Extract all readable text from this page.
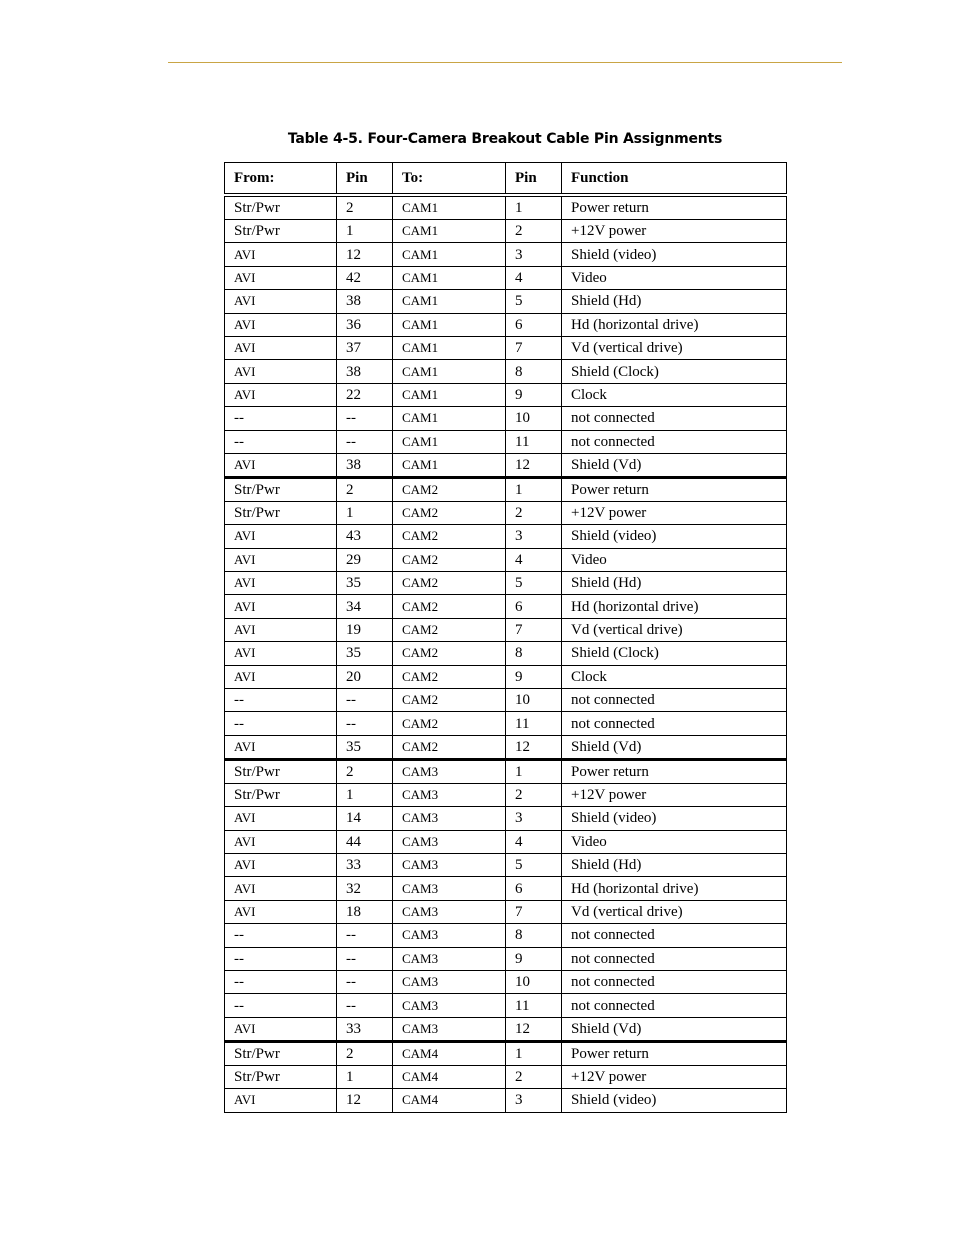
Table 4-5. Four-Camera Breakout Cable Pin Assignments
From:	Pin	To:	Pin	Function
Str/Pwr	2	CAM1	1	Power return
Str/Pwr	1	CAM1	2	+12V power
AVI	12	CAM1	3	Shield (video)
AVI	42	CAM1	4	Video
AVI	38	CAM1	5	Shield (Hd)
AVI	36	CAM1	6	Hd (horizontal drive)
AVI	37	CAM1	7	Vd (vertical drive)
AVI	38	CAM1	8	Shield (Clock)
AVI	22	CAM1	9	Clock
--	--	CAM1	10	not connected
--	--	CAM1	11	not connected
AVI	38	CAM1	12	Shield (Vd)
Str/Pwr	2	CAM2	1	Power return
Str/Pwr	1	CAM2	2	+12V power
AVI	43	CAM2	3	Shield (video)
AVI	29	CAM2	4	Video
AVI	35	CAM2	5	Shield (Hd)
AVI	34	CAM2	6	Hd (horizontal drive)
AVI	19	CAM2	7	Vd (vertical drive)
AVI	35	CAM2	8	Shield (Clock)
AVI	20	CAM2	9	Clock
--	--	CAM2	10	not connected
--	--	CAM2	11	not connected
AVI	35	CAM2	12	Shield (Vd)
Str/Pwr	2	CAM3	1	Power return
Str/Pwr	1	CAM3	2	+12V power
AVI	14	CAM3	3	Shield (video)
AVI	44	CAM3	4	Video
AVI	33	CAM3	5	Shield (Hd)
AVI	32	CAM3	6	Hd (horizontal drive)
AVI	18	CAM3	7	Vd (vertical drive)
--	--	CAM3	8	not connected
--	--	CAM3	9	not connected
--	--	CAM3	10	not connected
--	--	CAM3	11	not connected
AVI	33	CAM3	12	Shield (Vd)
Str/Pwr	2	CAM4	1	Power return
Str/Pwr	1	CAM4	2	+12V power
AVI	12	CAM4	3	Shield (video)
